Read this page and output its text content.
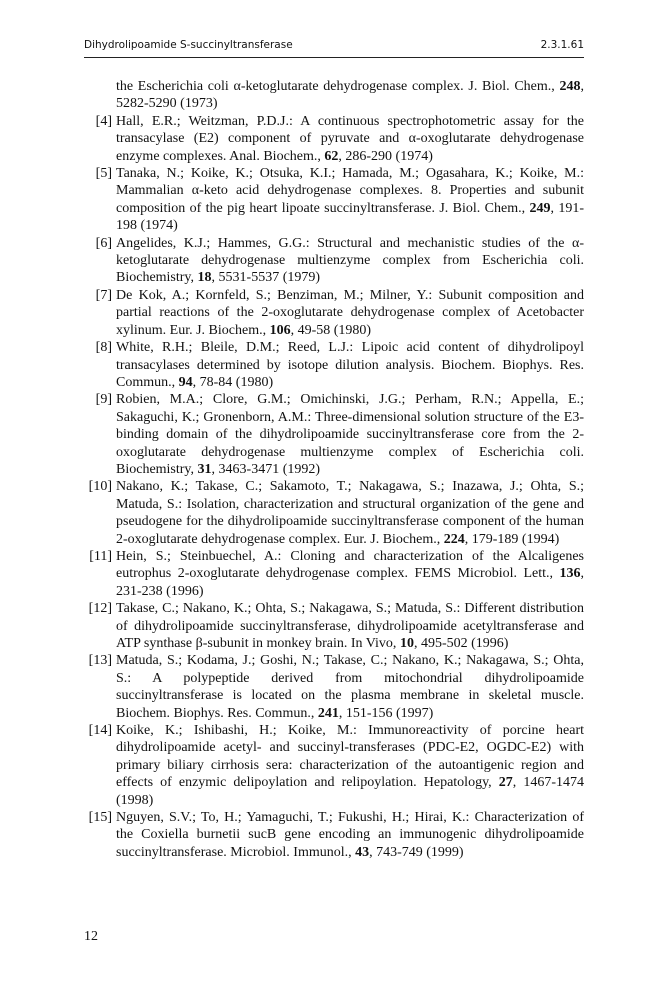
Dihydrolipoamide S-succinyltransferase	2.3.1.61
the Escherichia coli α-ketoglutarate dehydrogenase complex. J. Biol. Chem., 248, 5282-5290 (1973)
[4] Hall, E.R.; Weitzman, P.D.J.: A continuous spectrophotometric assay for the transacylase (E2) component of pyruvate and α-oxoglutarate dehydrogenase enzyme complexes. Anal. Biochem., 62, 286-290 (1974)
[5] Tanaka, N.; Koike, K.; Otsuka, K.I.; Hamada, M.; Ogasahara, K.; Koike, M.: Mammalian α-keto acid dehydrogenase complexes. 8. Properties and subunit composition of the pig heart lipoate succinyltransferase. J. Biol. Chem., 249, 191-198 (1974)
[6] Angelides, K.J.; Hammes, G.G.: Structural and mechanistic studies of the α-ketoglutarate dehydrogenase multienzyme complex from Escherichia coli. Biochemistry, 18, 5531-5537 (1979)
[7] De Kok, A.; Kornfeld, S.; Benziman, M.; Milner, Y.: Subunit composition and partial reactions of the 2-oxoglutarate dehydrogenase complex of Acetobacter xylinum. Eur. J. Biochem., 106, 49-58 (1980)
[8] White, R.H.; Bleile, D.M.; Reed, L.J.: Lipoic acid content of dihydrolipoyl transacylases determined by isotope dilution analysis. Biochem. Biophys. Res. Commun., 94, 78-84 (1980)
[9] Robien, M.A.; Clore, G.M.; Omichinski, J.G.; Perham, R.N.; Appella, E.; Sakaguchi, K.; Gronenborn, A.M.: Three-dimensional solution structure of the E3-binding domain of the dihydrolipoamide succinyltransferase core from the 2-oxoglutarate dehydrogenase multienzyme complex of Escherichia coli. Biochemistry, 31, 3463-3471 (1992)
[10] Nakano, K.; Takase, C.; Sakamoto, T.; Nakagawa, S.; Inazawa, J.; Ohta, S.; Matuda, S.: Isolation, characterization and structural organization of the gene and pseudogene for the dihydrolipoamide succinyltransferase component of the human 2-oxoglutarate dehydrogenase complex. Eur. J. Biochem., 224, 179-189 (1994)
[11] Hein, S.; Steinbuechel, A.: Cloning and characterization of the Alcaligenes eutrophus 2-oxoglutarate dehydrogenase complex. FEMS Microbiol. Lett., 136, 231-238 (1996)
[12] Takase, C.; Nakano, K.; Ohta, S.; Nakagawa, S.; Matuda, S.: Different distribution of dihydrolipoamide succinyltransferase, dihydrolipoamide acetyltransferase and ATP synthase β-subunit in monkey brain. In Vivo, 10, 495-502 (1996)
[13] Matuda, S.; Kodama, J.; Goshi, N.; Takase, C.; Nakano, K.; Nakagawa, S.; Ohta, S.: A polypeptide derived from mitochondrial dihydrolipoamide succinyltransferase is located on the plasma membrane in skeletal muscle. Biochem. Biophys. Res. Commun., 241, 151-156 (1997)
[14] Koike, K.; Ishibashi, H.; Koike, M.: Immunoreactivity of porcine heart dihydrolipoamide acetyl- and succinyl-transferases (PDC-E2, OGDC-E2) with primary biliary cirrhosis sera: characterization of the autoantigenic region and effects of enzymic delipoylation and relipoylation. Hepatology, 27, 1467-1474 (1998)
[15] Nguyen, S.V.; To, H.; Yamaguchi, T.; Fukushi, H.; Hirai, K.: Characterization of the Coxiella burnetii sucB gene encoding an immunogenic dihydrolipoamide succinyltransferase. Microbiol. Immunol., 43, 743-749 (1999)
12
